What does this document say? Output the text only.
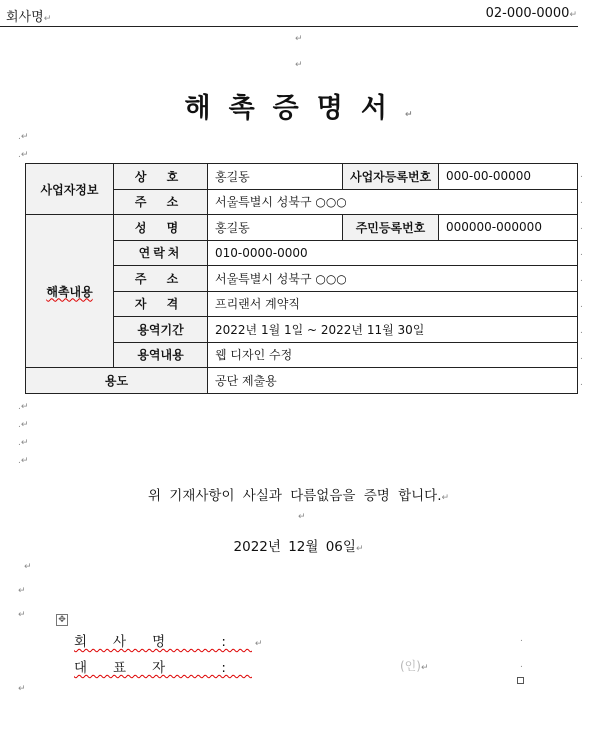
회사명↵	02-000-0000↵
↵
↵
해촉증명서↵
.↵
.↵
사업자정보	상 호	홍길동	사업자등록번호	000-00-00000
	주 소	서울특별시 성북구 ○○○		
해촉내용	성 명	홍길동	주민등록번호	000000-000000
	연락처	010-0000-0000		
	주 소	서울특별시 성북구 ○○○		
	자 격	프리랜서 계약직		
	용역기간	2022년 1월 1일 ~ 2022년 11월 30일		
	용역내용	웹 디자인 수정		
용도		공단 제출용		
.
.
.
.
.
.
.
.
.
.↵
.↵
.↵
.↵
위 기재사항이 사실과 다름없음을 증명 합니다.↵
↵
2022년 12월 06일↵
↵
↵
↵	✥
회사명 : ↵	.
대표자 :	(인)↵	.
↵
